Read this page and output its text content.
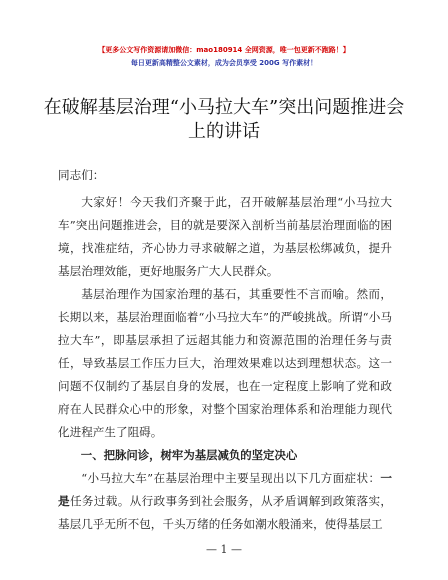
【更多公文写作资源请加微信：mao180914 全网资源，唯一包更新不跑路！】
每日更新高精整公文素材，成为会员享受 200G 写作素材！
在破解基层治理“小马拉大车”突出问题推进会上的讲话

同志们：

大家好！今天我们齐聚于此，召开破解基层治理“小马拉大车”突出问题推进会，目的就是要深入剖析当前基层治理面临的困境，找准症结，齐心协力寻求破解之道，为基层松绑减负，提升基层治理效能，更好地服务广大人民群众。

基层治理作为国家治理的基石，其重要性不言而喻。然而，长期以来，基层治理面临着“小马拉大车”的严峻挑战。所谓“小马拉大车”，即基层承担了远超其能力和资源范围的治理任务与责任，导致基层工作压力巨大，治理效果难以达到理想状态。这一问题不仅制约了基层自身的发展，也在一定程度上影响了党和政府在人民群众心中的形象，对整个国家治理体系和治理能力现代化进程产生了阻碍。

一、把脉问诊，树牢为基层减负的坚定决心

“小马拉大车”在基层治理中主要呈现出以下几方面症状：一是任务过载。从行政事务到社会服务，从矛盾调解到政策落实，基层几乎无所不包，千头万绪的任务如潮水般涌来，使得基层工

— 1 —
